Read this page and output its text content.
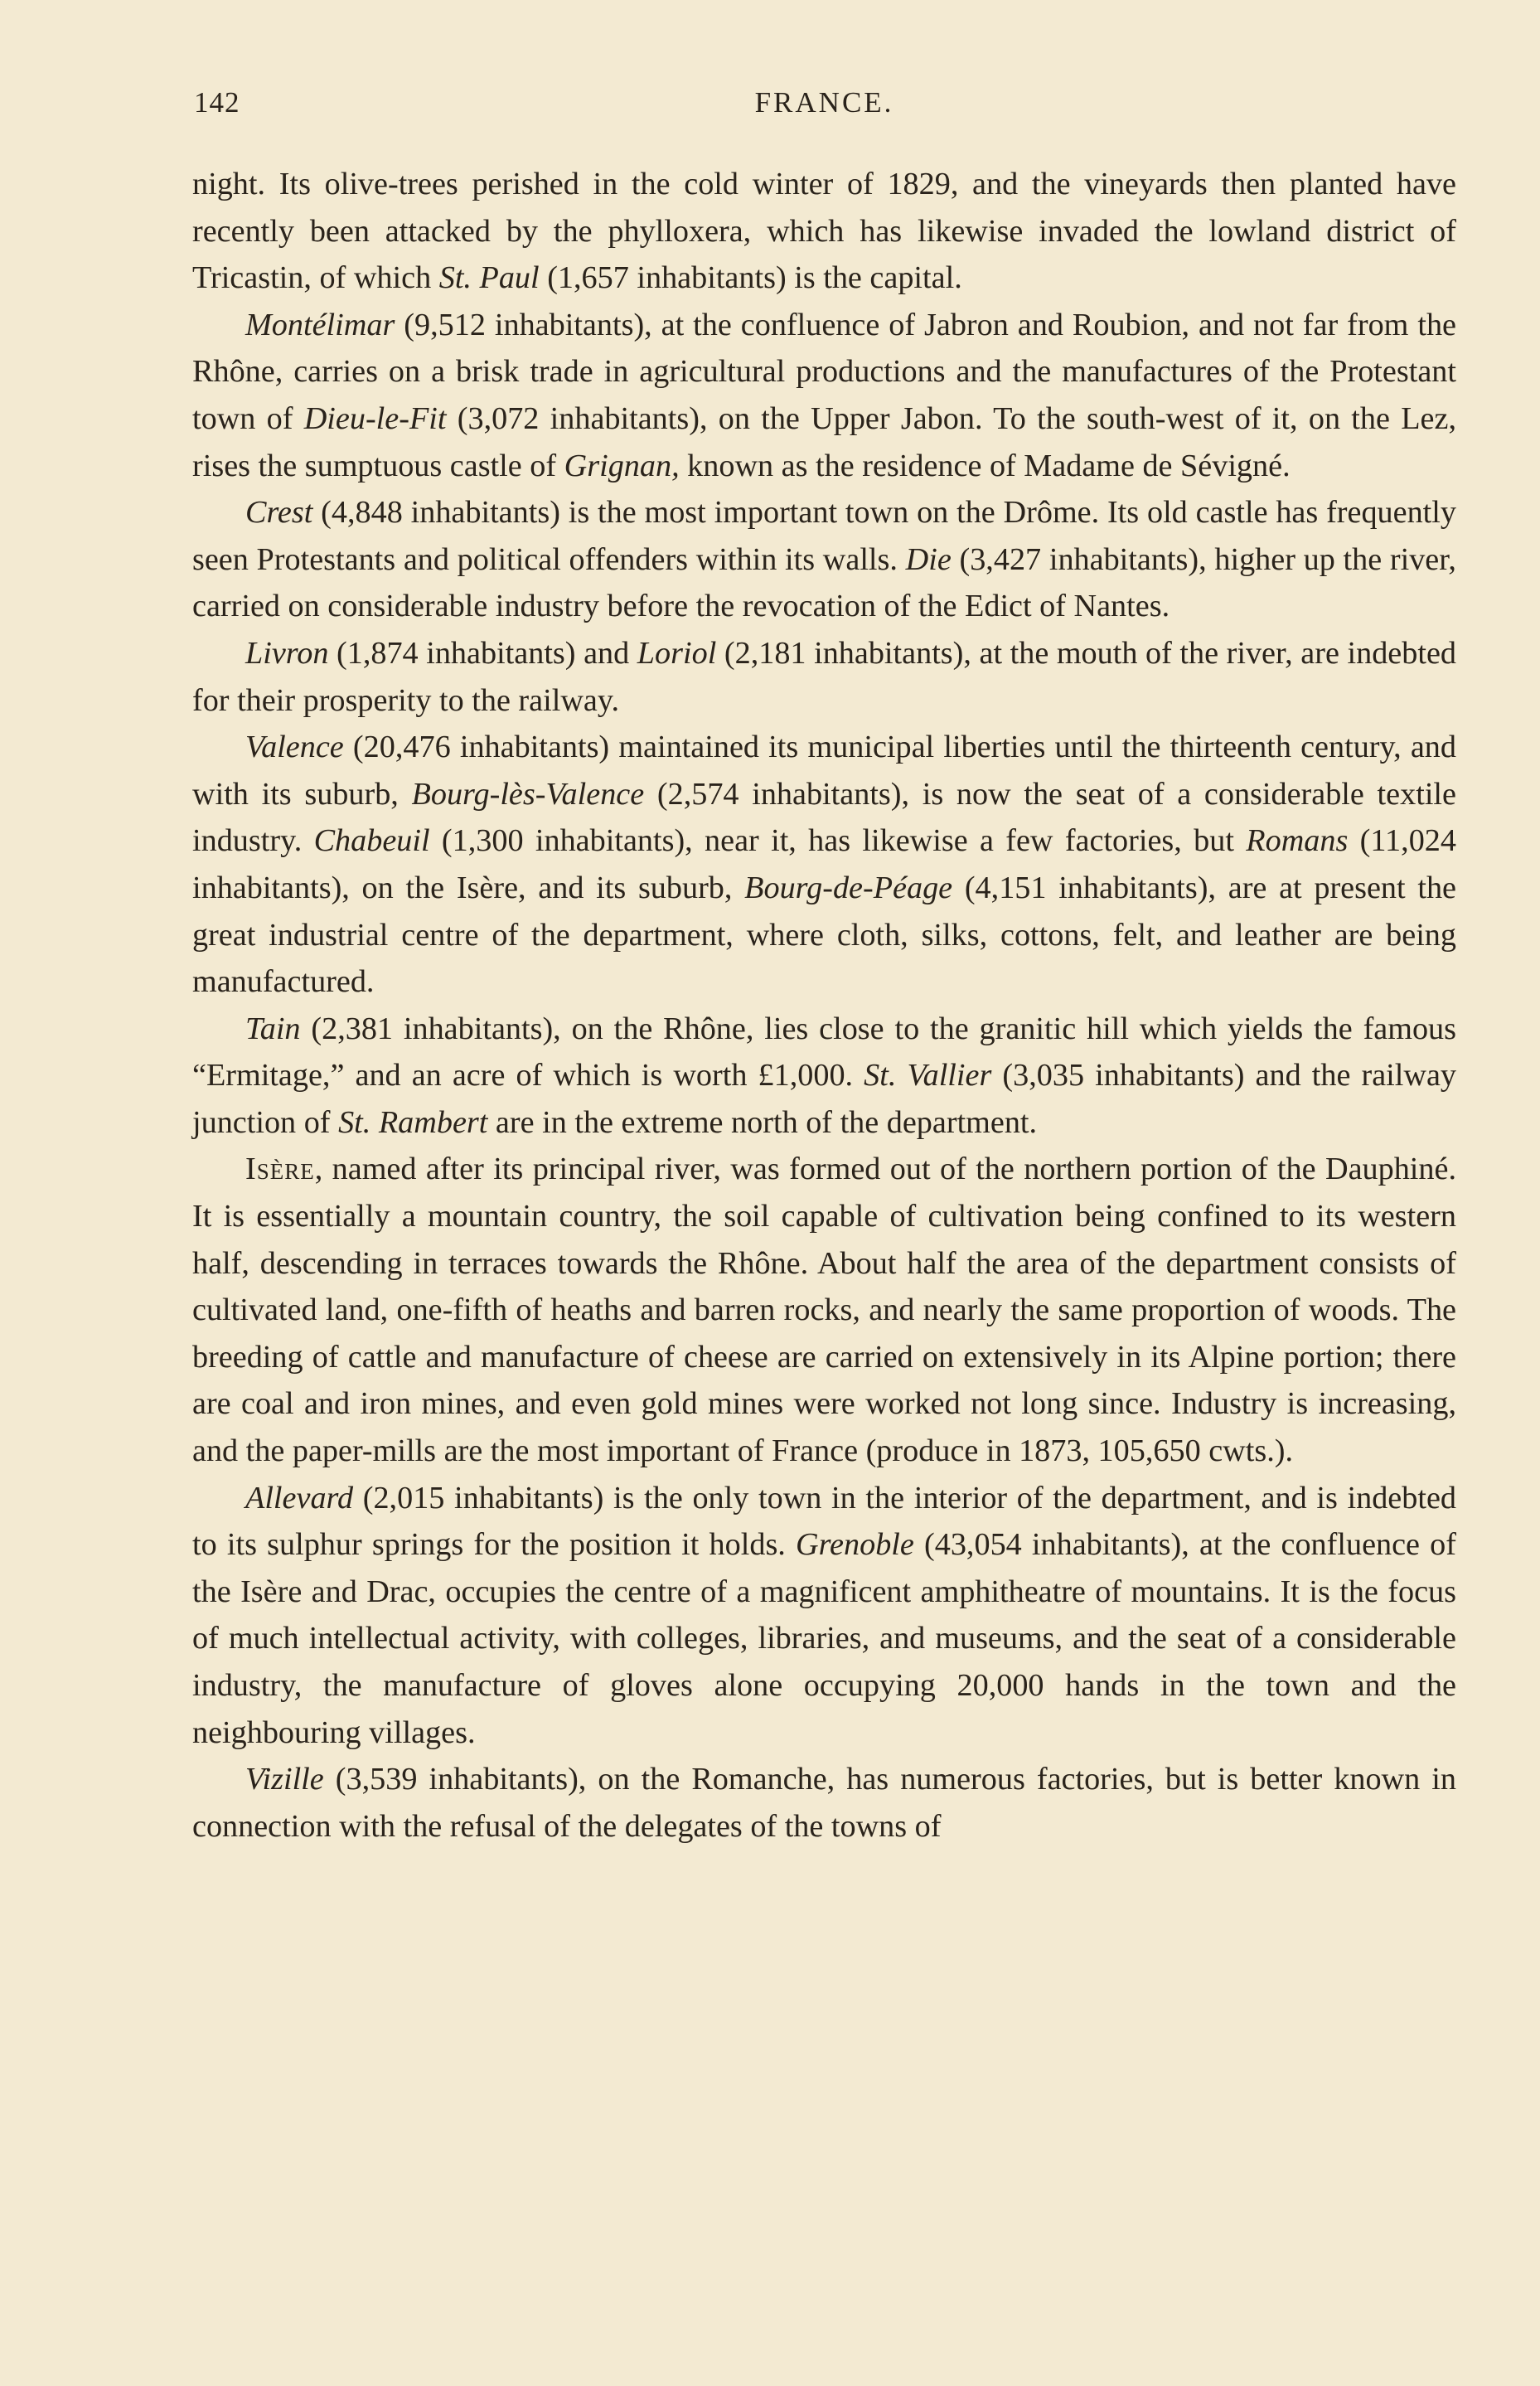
142	FRANCE.

night. Its olive-trees perished in the cold winter of 1829, and the vineyards then planted have recently been attacked by the phylloxera, which has likewise invaded the lowland district of Tricastin, of which St. Paul (1,657 inhabitants) is the capital.

Montélimar (9,512 inhabitants), at the confluence of Jabron and Roubion, and not far from the Rhône, carries on a brisk trade in agricultural productions and the manufactures of the Protestant town of Dieu-le-Fit (3,072 inhabitants), on the Upper Jabon. To the south-west of it, on the Lez, rises the sumptuous castle of Grignan, known as the residence of Madame de Sévigné.

Crest (4,848 inhabitants) is the most important town on the Drôme. Its old castle has frequently seen Protestants and political offenders within its walls. Die (3,427 inhabitants), higher up the river, carried on considerable industry before the revocation of the Edict of Nantes.

Livron (1,874 inhabitants) and Loriol (2,181 inhabitants), at the mouth of the river, are indebted for their prosperity to the railway.

Valence (20,476 inhabitants) maintained its municipal liberties until the thirteenth century, and with its suburb, Bourg-lès-Valence (2,574 inhabitants), is now the seat of a considerable textile industry. Chabeuil (1,300 inhabitants), near it, has likewise a few factories, but Romans (11,024 inhabitants), on the Isère, and its suburb, Bourg-de-Péage (4,151 inhabitants), are at present the great industrial centre of the department, where cloth, silks, cottons, felt, and leather are being manufactured.

Tain (2,381 inhabitants), on the Rhône, lies close to the granitic hill which yields the famous “Ermitage,” and an acre of which is worth £1,000. St. Vallier (3,035 inhabitants) and the railway junction of St. Rambert are in the extreme north of the department.

Isère, named after its principal river, was formed out of the northern portion of the Dauphiné. It is essentially a mountain country, the soil capable of cultivation being confined to its western half, descending in terraces towards the Rhône. About half the area of the department consists of cultivated land, one-fifth of heaths and barren rocks, and nearly the same proportion of woods. The breeding of cattle and manufacture of cheese are carried on extensively in its Alpine portion; there are coal and iron mines, and even gold mines were worked not long since. Industry is increasing, and the paper-mills are the most important of France (produce in 1873, 105,650 cwts.).

Allevard (2,015 inhabitants) is the only town in the interior of the department, and is indebted to its sulphur springs for the position it holds. Grenoble (43,054 inhabitants), at the confluence of the Isère and Drac, occupies the centre of a magnificent amphitheatre of mountains. It is the focus of much intellectual activity, with colleges, libraries, and museums, and the seat of a considerable industry, the manufacture of gloves alone occupying 20,000 hands in the town and the neighbouring villages.

Vizille (3,539 inhabitants), on the Romanche, has numerous factories, but is better known in connection with the refusal of the delegates of the towns of
